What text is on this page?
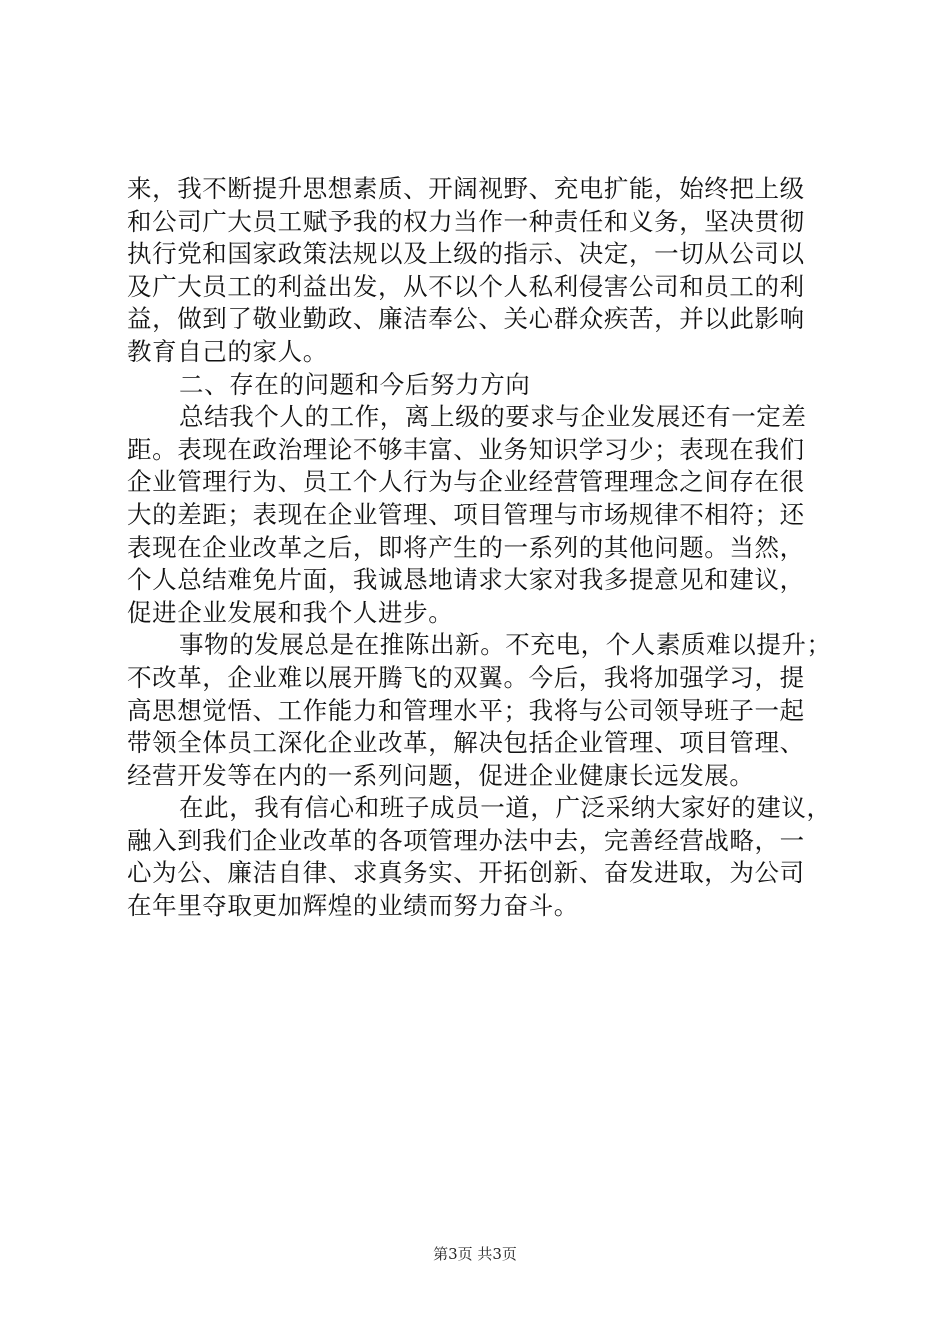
来，我不断提升思想素质、开阔视野、充电扩能，始终把上级
和公司广大员工赋予我的权力当作一种责任和义务，坚决贯彻
执行党和国家政策法规以及上级的指示、决定，一切从公司以
及广大员工的利益出发，从不以个人私利侵害公司和员工的利
益，做到了敬业勤政、廉洁奉公、关心群众疾苦，并以此影响
教育自己的家人。
二、存在的问题和今后努力方向
总结我个人的工作，离上级的要求与企业发展还有一定差
距。表现在政治理论不够丰富、业务知识学习少；表现在我们
企业管理行为、员工个人行为与企业经营管理理念之间存在很
大的差距；表现在企业管理、项目管理与市场规律不相符；还
表现在企业改革之后，即将产生的一系列的其他问题。当然，
个人总结难免片面，我诚恳地请求大家对我多提意见和建议，
促进企业发展和我个人进步。
事物的发展总是在推陈出新。不充电，个人素质难以提升；
不改革，企业难以展开腾飞的双翼。今后，我将加强学习，提
高思想觉悟、工作能力和管理水平；我将与公司领导班子一起
带领全体员工深化企业改革，解决包括企业管理、项目管理、
经营开发等在内的一系列问题，促进企业健康长远发展。
在此，我有信心和班子成员一道，广泛采纳大家好的建议，
融入到我们企业改革的各项管理办法中去，完善经营战略，一
心为公、廉洁自律、求真务实、开拓创新、奋发进取，为公司
在年里夺取更加辉煌的业绩而努力奋斗。
第3页 共3页
